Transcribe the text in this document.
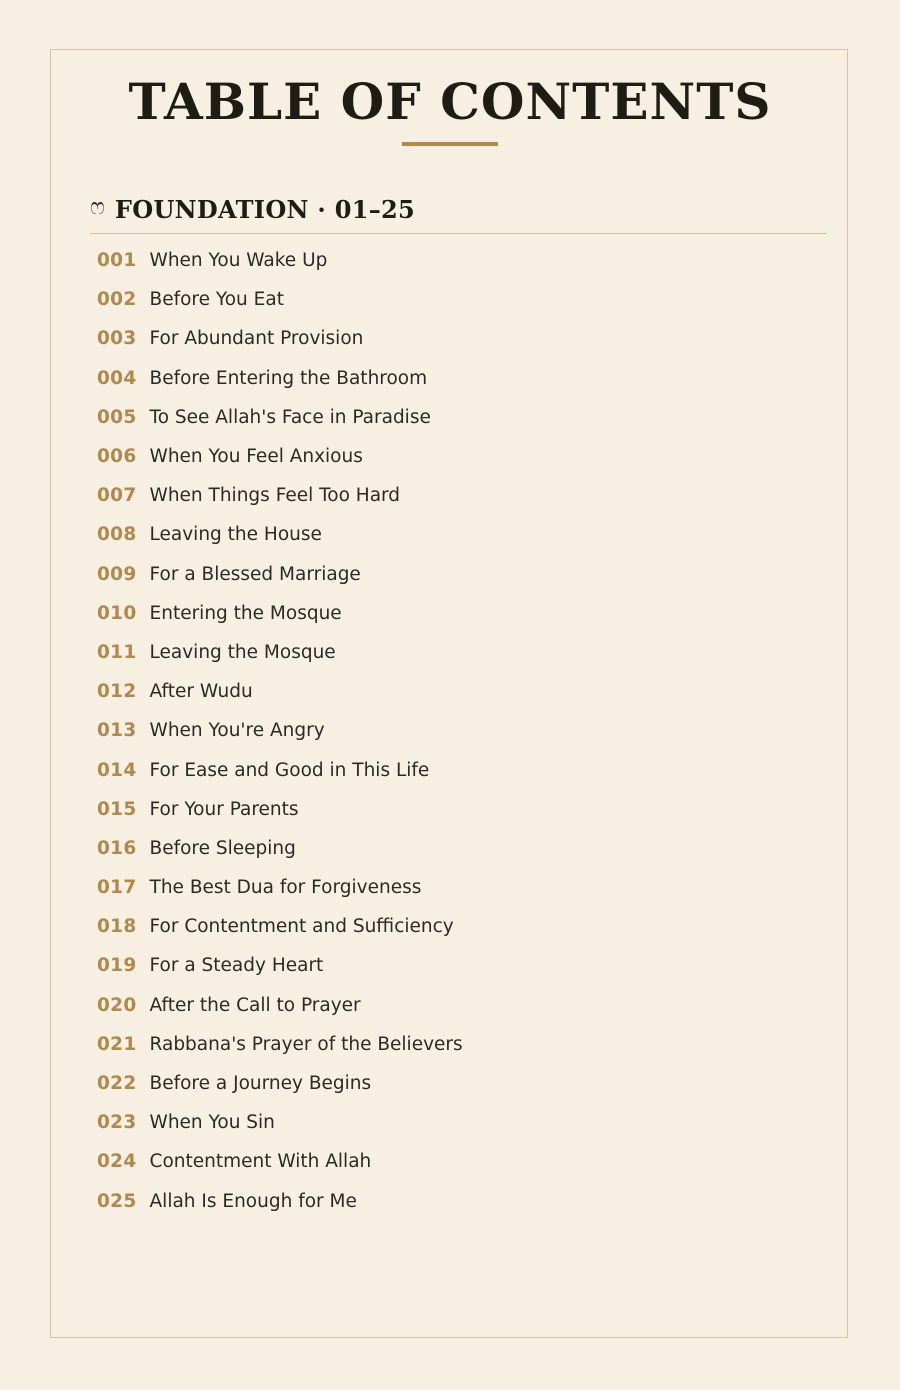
TABLE OF CONTENTS
ෆ FOUNDATION · 01–25
001 When You Wake Up
002 Before You Eat
003 For Abundant Provision
004 Before Entering the Bathroom
005 To See Allah's Face in Paradise
006 When You Feel Anxious
007 When Things Feel Too Hard
008 Leaving the House
009 For a Blessed Marriage
010 Entering the Mosque
011 Leaving the Mosque
012 After Wudu
013 When You're Angry
014 For Ease and Good in This Life
015 For Your Parents
016 Before Sleeping
017 The Best Dua for Forgiveness
018 For Contentment and Sufficiency
019 For a Steady Heart
020 After the Call to Prayer
021 Rabbana's Prayer of the Believers
022 Before a Journey Begins
023 When You Sin
024 Contentment With Allah
025 Allah Is Enough for Me
